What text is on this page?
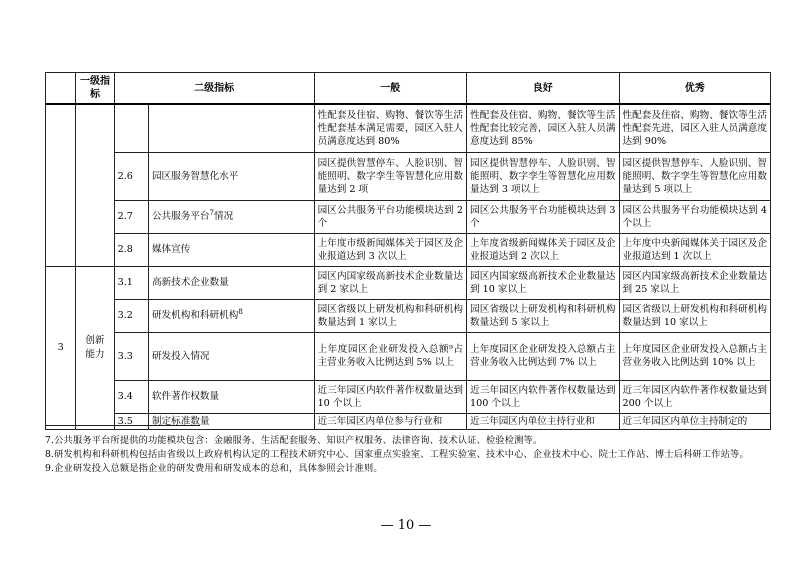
	一级指标	二级指标		一般	良好	优秀
				性配套及住宿、购物、餐饮等生活性配套基本满足需要，园区入驻人员满意度达到 80%	性配套及住宿、购物、餐饮等生活性配套比较完善，园区入驻人员满意度达到 85%	性配套及住宿、购物、餐饮等生活性配套先进，园区入驻人员满意度达到 90%
		2.6	园区服务智慧化水平	园区提供智慧停车、人脸识别、智能照明、数字孪生等智慧化应用数量达到 2 项	园区提供智慧停车、人脸识别、智能照明、数字孪生等智慧化应用数量达到 3 项以上	园区提供智慧停车、人脸识别、智能照明、数字孪生等智慧化应用数量达到 5 项以上
		2.7	公共服务平台$^7$情况	园区公共服务平台功能模块达到 2 个	园区公共服务平台功能模块达到 3 个	园区公共服务平台功能模块达到 4 个以上
		2.8	媒体宣传	上年度市级新闻媒体关于园区及企业报道达到 3 次以上	上年度省级新闻媒体关于园区及企业报道达到 2 次以上	上年度中央新闻媒体关于园区及企业报道达到 1 次以上
3	创新能力	3.1	高新技术企业数量	园区内国家级高新技术企业数量达到 2 家以上	园区内国家级高新技术企业数量达到 10 家以上	园区内国家级高新技术企业数量达到 25 家以上
		3.2	研发机构和科研机构$^8$	园区省级以上研发机构和科研机构数量达到 1 家以上	园区省级以上研发机构和科研机构数量达到 5 家以上	园区省级以上研发机构和科研机构数量达到 10 家以上
		3.3	研发投入情况	上年度园区企业研发投入总额⁹占主营业务收入比例达到 5% 以上	上年度园区企业研发投入总额占主营业务收入比例达到 7% 以上	上年度园区企业研发投入总额占主营业务收入比例达到 10% 以上
		3.4	软件著作权数量	近三年园区内软件著作权数量达到 10 个以上	近三年园区内软件著作权数量达到 100 个以上	近三年园区内软件著作权数量达到 200 个以上
		3.5	制定标准数量	近三年园区内单位参与行业和	近三年园区内单位主持行业和	近三年园区内单位主持制定的
7.公共服务平台所提供的功能模块包含：金融服务、生活配套服务、知识产权服务、法律咨询、技术认证、检验检测等。
8.研发机构和科研机构包括由省级以上政府机构认定的工程技术研究中心、国家重点实验室、工程实验室、技术中心、企业技术中心、院士工作站、博士后科研工作站等。
9.企业研发投入总额是指企业的研发费用和研发成本的总和，具体参照会计准则。
— 10 —
